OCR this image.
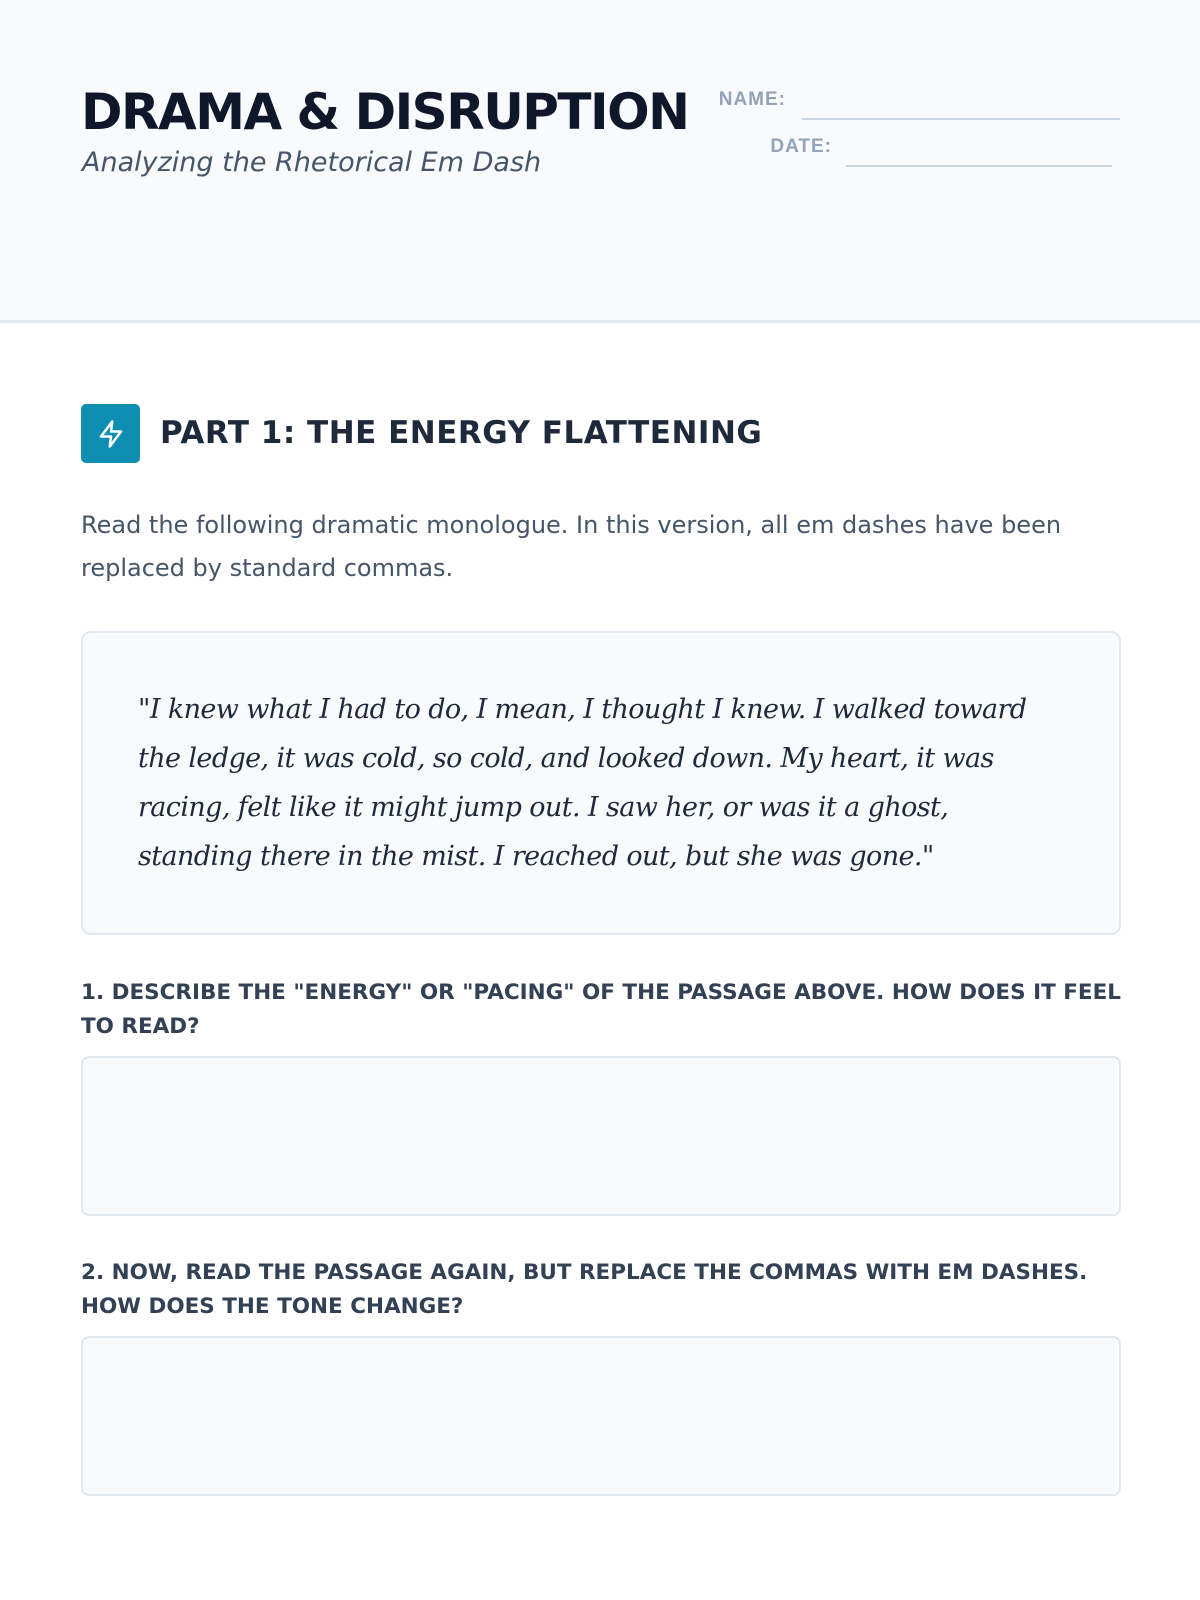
DRAMA & DISRUPTION
Analyzing the Rhetorical Em Dash
NAME:
DATE:
PART 1: THE ENERGY FLATTENING
Read the following dramatic monologue. In this version, all em dashes have been replaced by standard commas.
"I knew what I had to do, I mean, I thought I knew. I walked toward the ledge, it was cold, so cold, and looked down. My heart, it was racing, felt like it might jump out. I saw her, or was it a ghost, standing there in the mist. I reached out, but she was gone."
1. DESCRIBE THE "ENERGY" OR "PACING" OF THE PASSAGE ABOVE. HOW DOES IT FEEL TO READ?
2. NOW, READ THE PASSAGE AGAIN, BUT REPLACE THE COMMAS WITH EM DASHES. HOW DOES THE TONE CHANGE?
